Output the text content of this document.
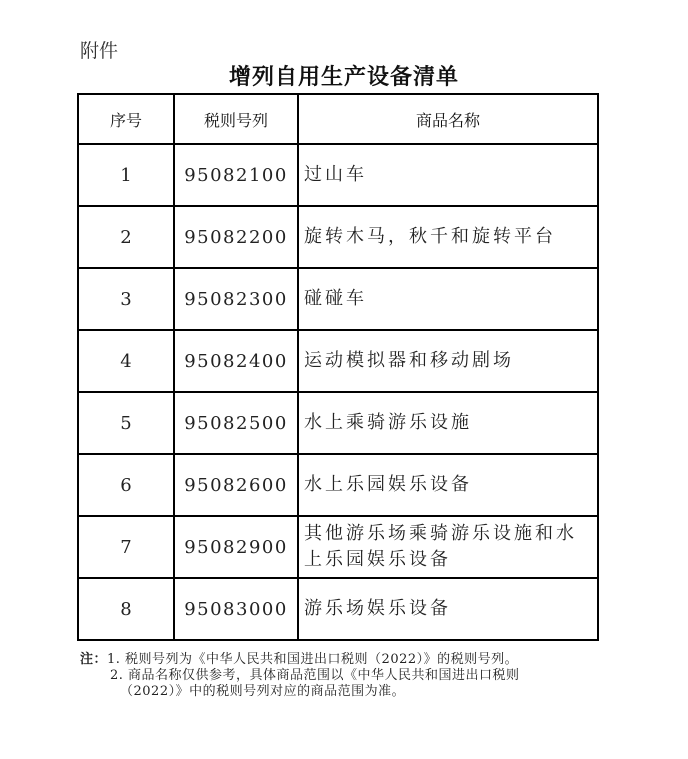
附件
增列自用生产设备清单
序号	税则号列	商品名称
1	95082100	过山车
2	95082200	旋转木马，秋千和旋转平台
3	95082300	碰碰车
4	95082400	运动模拟器和移动剧场
5	95082500	水上乘骑游乐设施
6	95082600	水上乐园娱乐设备
7	95082900	其他游乐场乘骑游乐设施和水上乐园娱乐设备
8	95083000	游乐场娱乐设备
注：1. 税则号列为《中华人民共和国进出口税则（2022）》的税则号列。
2. 商品名称仅供参考，具体商品范围以《中华人民共和国进出口税则
（2022）》中的税则号列对应的商品范围为准。
